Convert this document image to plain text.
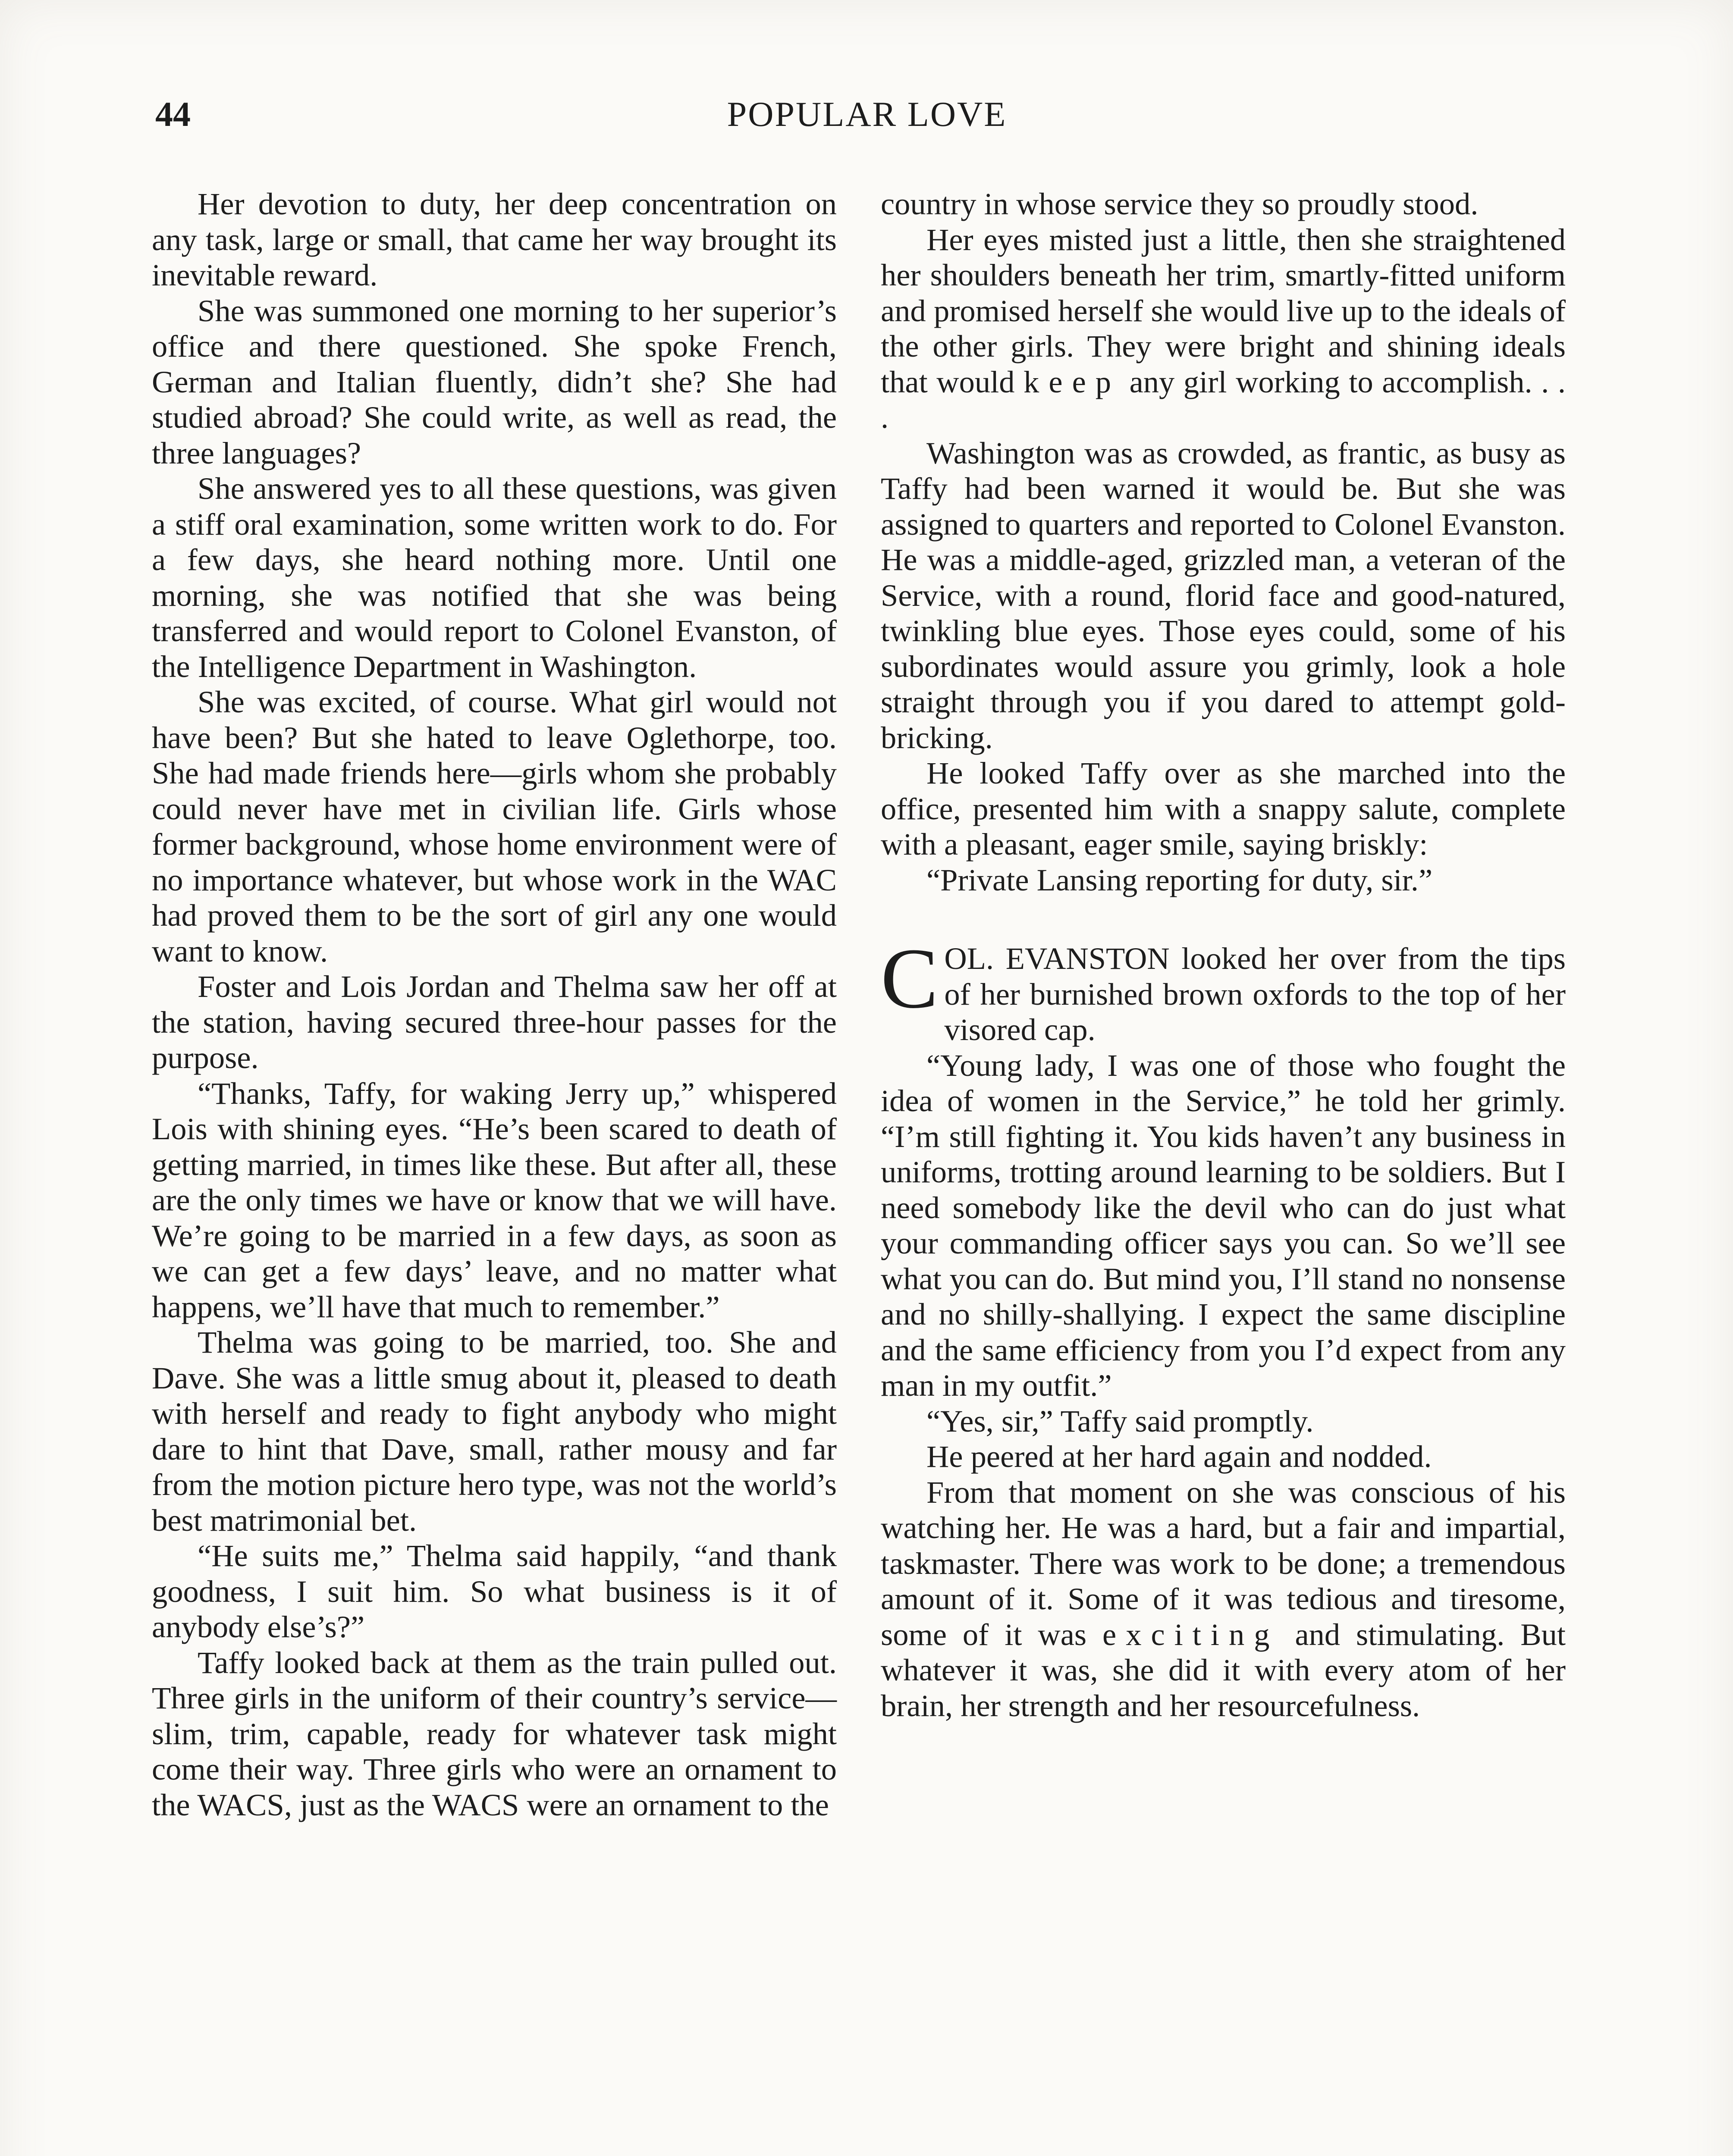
44	POPULAR LOVE

Her devotion to duty, her deep concentration on any task, large or small, that came her way brought its inevitable reward.

She was summoned one morning to her superior’s office and there questioned. She spoke French, German and Italian fluently, didn’t she? She had studied abroad? She could write, as well as read, the three languages?

She answered yes to all these questions, was given a stiff oral examination, some written work to do. For a few days, she heard nothing more. Until one morning, she was notified that she was being transferred and would report to Colonel Evanston, of the Intelligence Department in Washington.

She was excited, of course. What girl would not have been? But she hated to leave Oglethorpe, too. She had made friends here—girls whom she probably could never have met in civilian life. Girls whose former background, whose home environment were of no importance whatever, but whose work in the WAC had proved them to be the sort of girl any one would want to know.

Foster and Lois Jordan and Thelma saw her off at the station, having secured three-hour passes for the purpose.

“Thanks, Taffy, for waking Jerry up,” whispered Lois with shining eyes. “He’s been scared to death of getting married, in times like these. But after all, these are the only times we have or know that we will have. We’re going to be married in a few days, as soon as we can get a few days’ leave, and no matter what happens, we’ll have that much to remember.”

Thelma was going to be married, too. She and Dave. She was a little smug about it, pleased to death with herself and ready to fight anybody who might dare to hint that Dave, small, rather mousy and far from the motion picture hero type, was not the world’s best matrimonial bet.

“He suits me,” Thelma said happily, “and thank goodness, I suit him. So what business is it of anybody else’s?”

Taffy looked back at them as the train pulled out. Three girls in the uniform of their country’s service—slim, trim, capable, ready for whatever task might come their way. Three girls who were an ornament to the WACS, just as the WACS were an ornament to the

country in whose service they so proudly stood.

Her eyes misted just a little, then she straightened her shoulders beneath her trim, smartly-fitted uniform and promised herself she would live up to the ideals of the other girls. They were bright and shining ideals that would keep any girl working to accomplish. . . .

Washington was as crowded, as frantic, as busy as Taffy had been warned it would be. But she was assigned to quarters and reported to Colonel Evanston. He was a middle-aged, grizzled man, a veteran of the Service, with a round, florid face and good-natured, twinkling blue eyes. Those eyes could, some of his subordinates would assure you grimly, look a hole straight through you if you dared to attempt gold-bricking.

He looked Taffy over as she marched into the office, presented him with a snappy salute, complete with a pleasant, eager smile, saying briskly:

“Private Lansing reporting for duty, sir.”

COL. EVANSTON looked her over from the tips of her burnished brown oxfords to the top of her visored cap.

“Young lady, I was one of those who fought the idea of women in the Service,” he told her grimly. “I’m still fighting it. You kids haven’t any business in uniforms, trotting around learning to be soldiers. But I need somebody like the devil who can do just what your commanding officer says you can. So we’ll see what you can do. But mind you, I’ll stand no nonsense and no shilly-shallying. I expect the same discipline and the same efficiency from you I’d expect from any man in my outfit.”

“Yes, sir,” Taffy said promptly.

He peered at her hard again and nodded.

From that moment on she was conscious of his watching her. He was a hard, but a fair and impartial, taskmaster. There was work to be done; a tremendous amount of it. Some of it was tedious and tiresome, some of it was exciting and stimulating. But whatever it was, she did it with every atom of her brain, her strength and her resourcefulness.
